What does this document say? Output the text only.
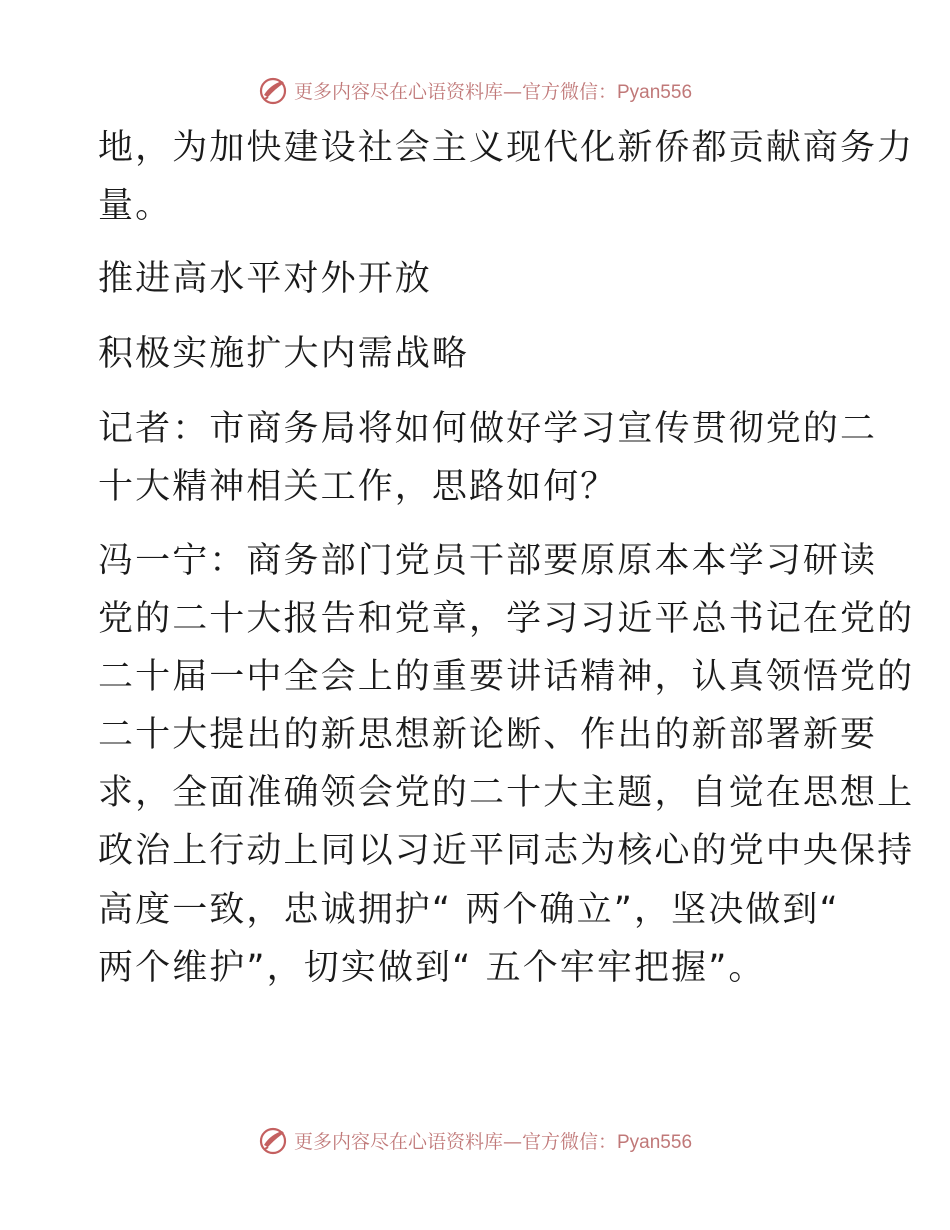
更多内容尽在心语资料库—官方微信：Pyan556
地，为加快建设社会主义现代化新侨都贡献商务力
量。
推进高水平对外开放
积极实施扩大内需战略
记者：市商务局将如何做好学习宣传贯彻党的二
十大精神相关工作，思路如何？
冯一宁：商务部门党员干部要原原本本学习研读
党的二十大报告和党章，学习习近平总书记在党的
二十届一中全会上的重要讲话精神，认真领悟党的
二十大提出的新思想新论断、作出的新部署新要
求，全面准确领会党的二十大主题，自觉在思想上
政治上行动上同以习近平同志为核心的党中央保持
高度一致，忠诚拥护“ 两个确立”，坚决做到“
两个维护”，切实做到“ 五个牢牢把握”。
更多内容尽在心语资料库—官方微信：Pyan556
